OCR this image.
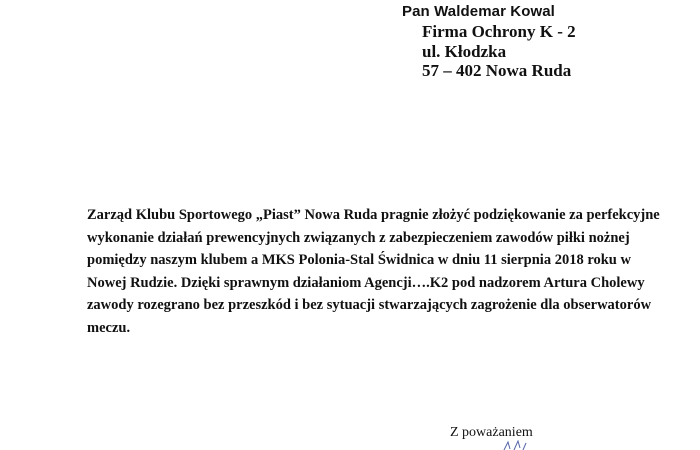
Pan Waldemar Kowal
Firma Ochrony K - 2
ul. Kłodzka
57 – 402 Nowa Ruda
Zarząd Klubu Sportowego „Piast” Nowa Ruda pragnie złożyć podziękowanie za perfekcyjne
wykonanie działań prewencyjnych związanych z zabezpieczeniem zawodów piłki nożnej
pomiędzy naszym klubem a MKS Polonia-Stal Świdnica w dniu 11 sierpnia 2018 roku w
Nowej Rudzie. Dzięki sprawnym działaniom Agencji….K2 pod nadzorem Artura Cholewy
zawody rozegrano bez przeszkód i bez sytuacji stwarzających zagrożenie dla obserwatorów
meczu.
Z poważaniem
